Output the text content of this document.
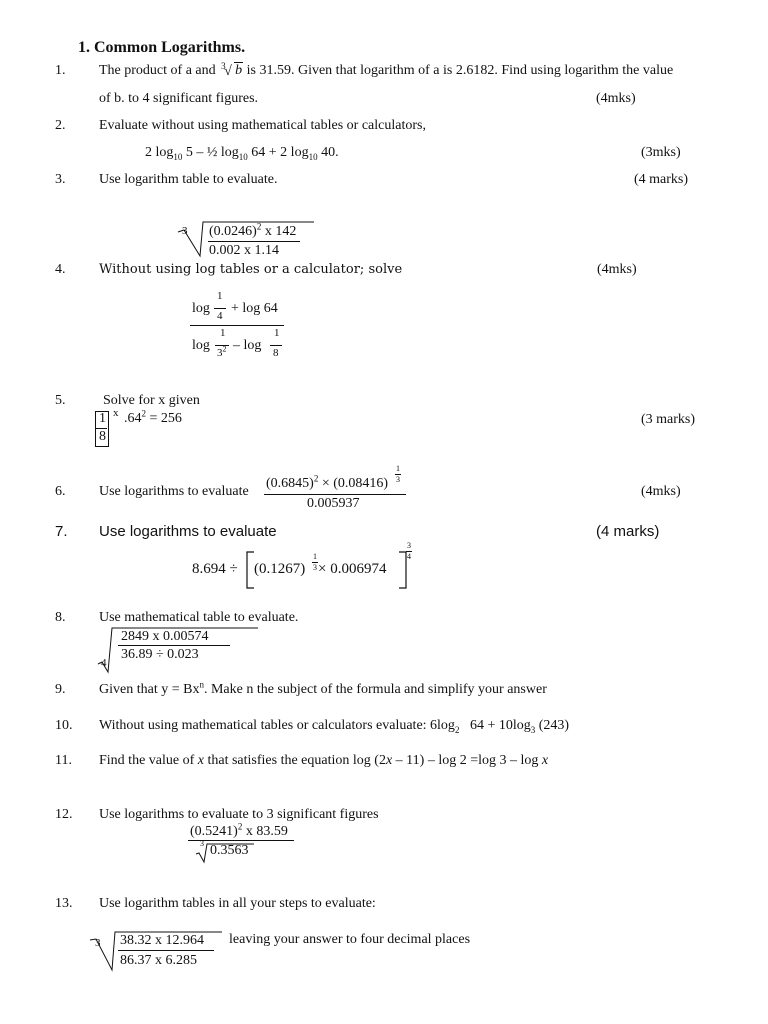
1. Common Logarithms.
1. The product of a and 3
√ b is 31.59. Given that logarithm of a is 2.6182. Find using logarithm the value
of b. to 4 significant figures.	(4mks)
2. Evaluate without using mathematical tables or calculators,
2 $\log_{10} 5$ – ½ $\log_{10} 64 + 2$ $\log_{10} 40$.	(3mks)
3. Use logarithm table to evaluate.	(4 marks)
3 $(0.0246)^2$ x 142
0.002 x 1.14
4.	Without using log tables or a calculator; solve	(4mks)
log
1
4 + log 64
log
1
$3^2$ – log
1
8
5.	Solve for x given
1
8
x $.64^2 = 256$	(3 marks)
6. Use logarithms to evaluate
$(0.6845)^2 \times (0.08416)$
1
3
0.005937
(4mks)
7. Use logarithms to evaluate	(4 marks)
8.694 ÷ (0.1267)
1
3 × 0.006974
3
4
8. Use mathematical table to evaluate.
4
2849 x 0.00574
36.89 ÷ 0.023
9. Given that $y = Bx^n$. Make n the subject of the formula and simplify your answer
10. Without using mathematical tables or calculators evaluate: $6\log_2$   $64 + 10\log_3$ (243)
11. Find the value of x that satisfies the equation log (2x – 11) – log 2 =log 3 – log x
12. Use logarithms to evaluate to 3 significant figures
$(0.5241)^2$ x 83.59
3 0.3563
13. Use logarithm tables in all your steps to evaluate:
3 38.32 x 12.964
86.37 x 6.285
leaving your answer to four decimal places
